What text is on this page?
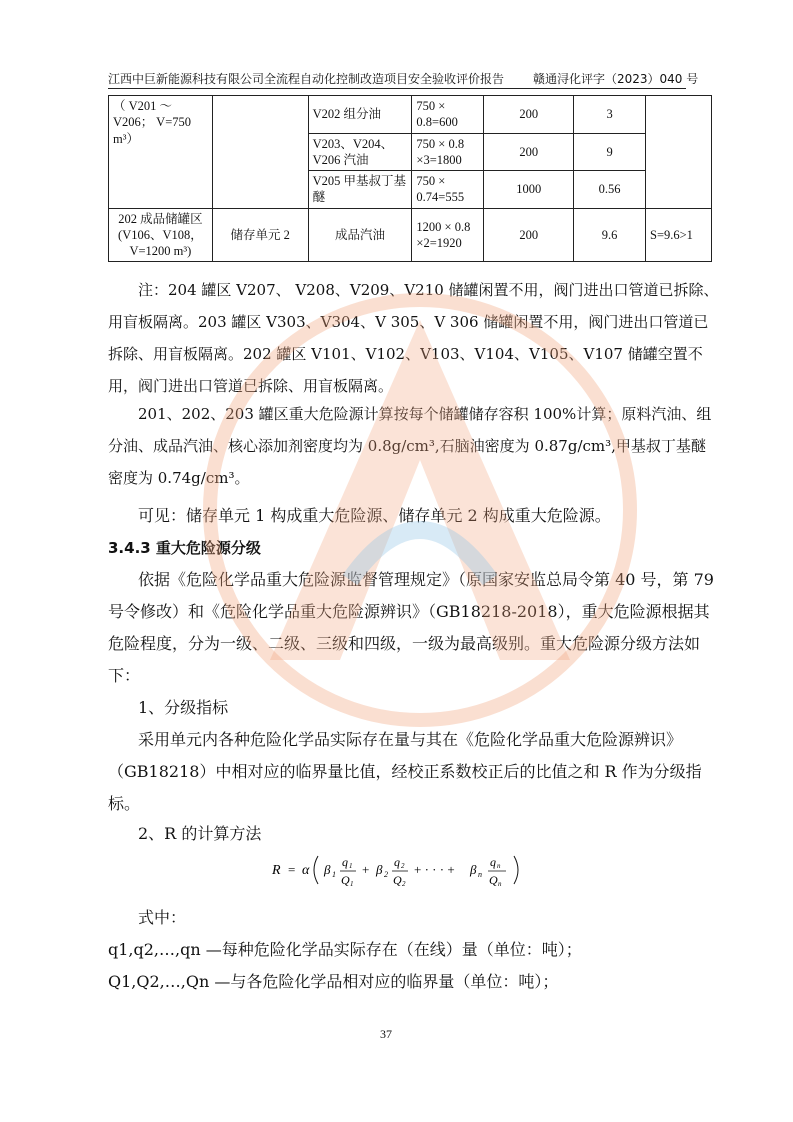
江西中巨新能源科技有限公司全流程自动化控制改造项目安全验收评价报告 赣通浔化评字（2023）040 号
（ V201 ～ V206； V=750 m³）		V202 组分油	750 × 0.8=600	200	3	
		V203、V204、V206 汽油	750 × 0.8 ×3=1800	200	9	
		V205 甲基叔丁基醚	750 × 0.74=555	1000	0.56	
202 成品储罐区(V106、V108，V=1200 m³)	储存单元 2	成品汽油	1200 × 0.8 ×2=1920	200	9.6	S=9.6>1
注：204 罐区 V207、 V208、V209、V210 储罐闲置不用，阀门进出口管道已拆除、用盲板隔离。203 罐区 V303、V304、V 305、V 306 储罐闲置不用，阀门进出口管道已拆除、用盲板隔离。202 罐区 V101、V102、V103、V104、V105、V107 储罐空置不用，阀门进出口管道已拆除、用盲板隔离。
201、202、203 罐区重大危险源计算按每个储罐储存容积 100%计算；原料汽油、组分油、成品汽油、核心添加剂密度均为 0.8g/cm³,石脑油密度为 0.87g/cm³,甲基叔丁基醚密度为 0.74g/cm³。
可见：储存单元 1 构成重大危险源、储存单元 2 构成重大危险源。
3.4.3 重大危险源分级
依据《危险化学品重大危险源监督管理规定》（原国家安监总局令第 40 号，第 79 号令修改）和《危险化学品重大危险源辨识》（GB18218-2018），重大危险源根据其危险程度，分为一级、二级、三级和四级，一级为最高级别。重大危险源分级方法如下：
1、分级指标
采用单元内各种危险化学品实际存在量与其在《危险化学品重大危险源辨识》（GB18218）中相对应的临界量比值，经校正系数校正后的比值之和 R 作为分级指标。
2、R 的计算方法
R = α β 1
q 1
Q 1
+ β 2
q 2
Q 2
+ · · · + β n
q n
Q n
式中：
q1,q2,…,qn —每种危险化学品实际存在（在线）量（单位：吨）；
Q1,Q2,…,Qn —与各危险化学品相对应的临界量（单位：吨）；
37
